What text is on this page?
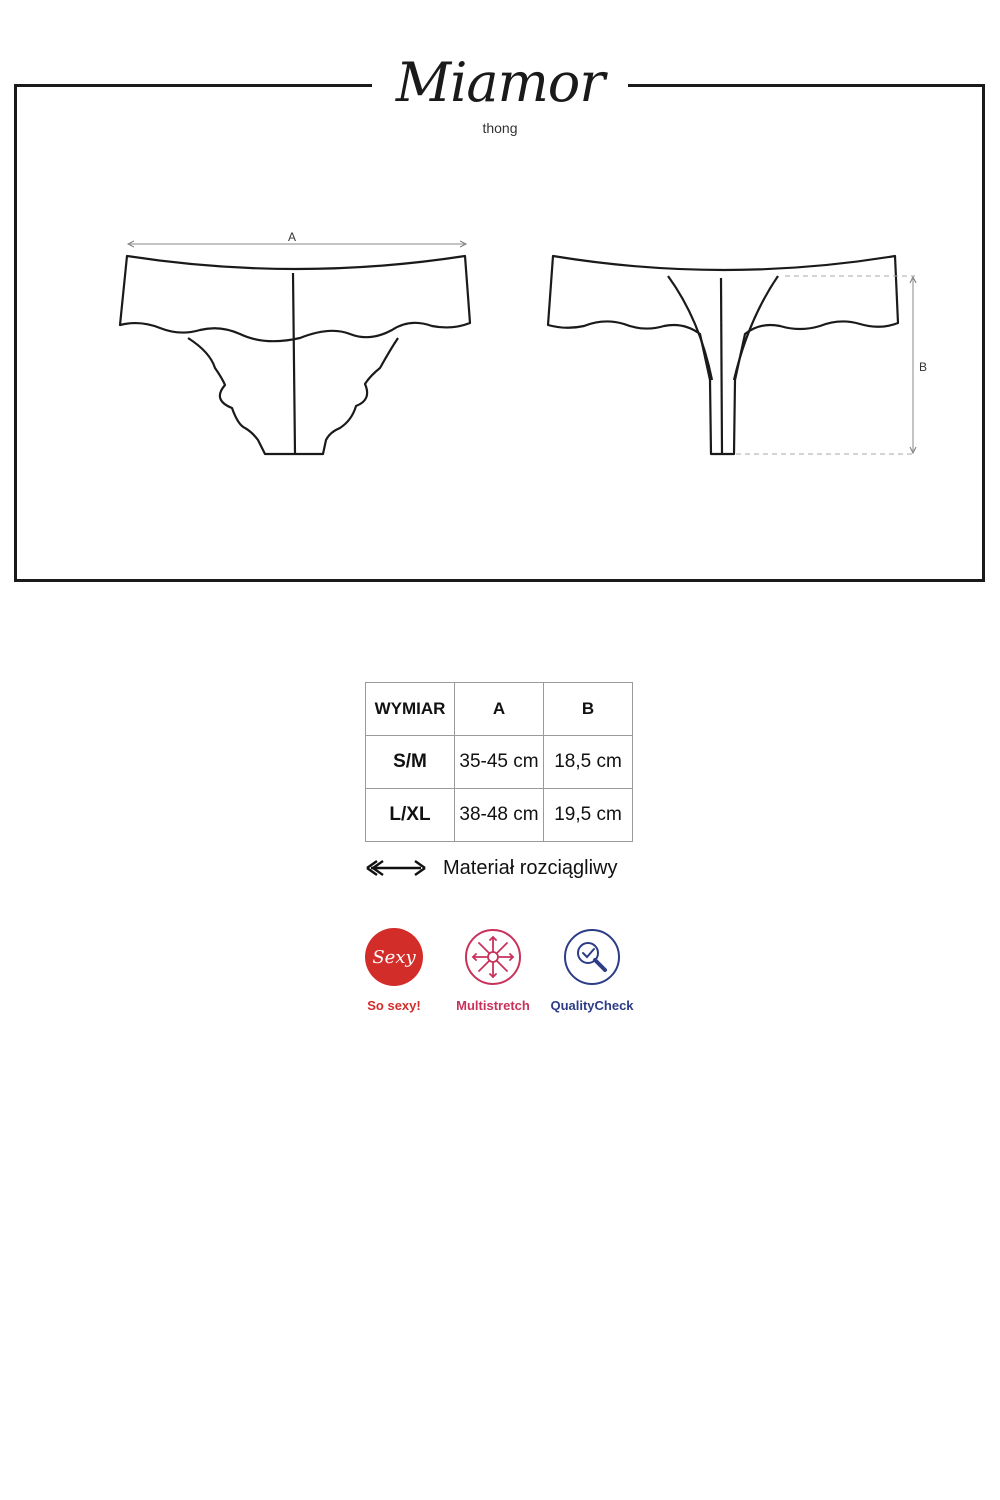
Miamor
thong
A
B
WYMIAR	A	B
S/M	35-45 cm	18,5 cm
L/XL	38-48 cm	19,5 cm
Materiał rozciągliwy
Sexy
So sexy!	Multistretch	QualityCheck
